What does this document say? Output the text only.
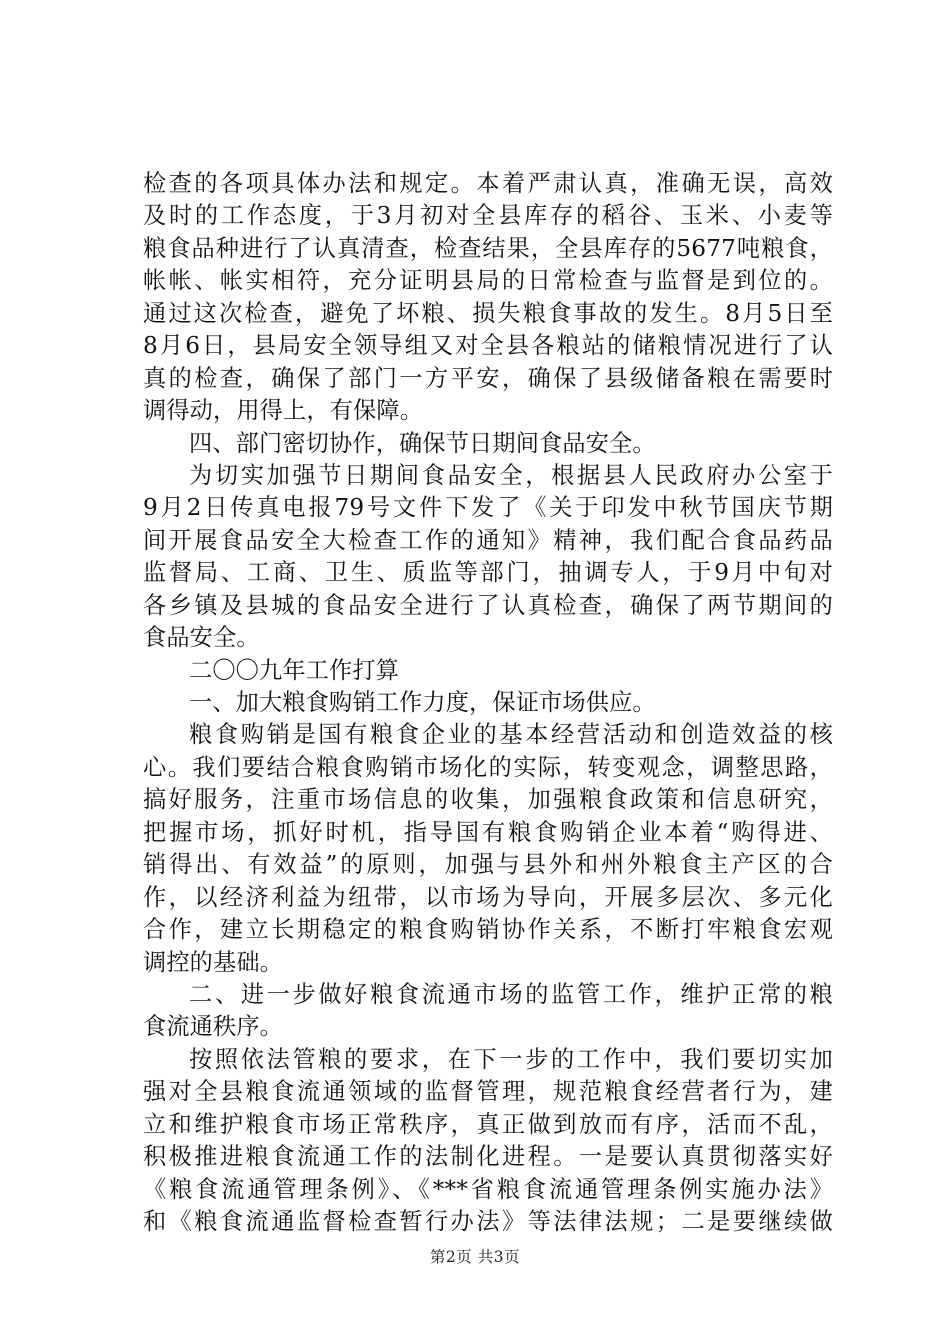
检查的各项具体办法和规定。本着严肃认真，准确无误，高效
及时的工作态度，于3月初对全县库存的稻谷、玉米、小麦等
粮食品种进行了认真清查，检查结果，全县库存的5677吨粮食，
帐帐、帐实相符，充分证明县局的日常检查与监督是到位的。
通过这次检查，避免了坏粮、损失粮食事故的发生。8月5日至
8月6日，县局安全领导组又对全县各粮站的储粮情况进行了认
真的检查，确保了部门一方平安，确保了县级储备粮在需要时
调得动，用得上，有保障。
四、部门密切协作，确保节日期间食品安全。
为切实加强节日期间食品安全，根据县人民政府办公室于
9月2日传真电报79号文件下发了《关于印发中秋节国庆节期
间开展食品安全大检查工作的通知》精神，我们配合食品药品
监督局、工商、卫生、质监等部门，抽调专人，于9月中旬对
各乡镇及县城的食品安全进行了认真检查，确保了两节期间的
食品安全。
二〇〇九年工作打算
一、加大粮食购销工作力度，保证市场供应。
粮食购销是国有粮食企业的基本经营活动和创造效益的核
心。我们要结合粮食购销市场化的实际，转变观念，调整思路，
搞好服务，注重市场信息的收集，加强粮食政策和信息研究，
把握市场，抓好时机，指导国有粮食购销企业本着“购得进、
销得出、有效益”的原则，加强与县外和州外粮食主产区的合
作，以经济利益为纽带，以市场为导向，开展多层次、多元化
合作，建立长期稳定的粮食购销协作关系，不断打牢粮食宏观
调控的基础。
二、进一步做好粮食流通市场的监管工作，维护正常的粮
食流通秩序。
按照依法管粮的要求，在下一步的工作中，我们要切实加
强对全县粮食流通领域的监督管理，规范粮食经营者行为，建
立和维护粮食市场正常秩序，真正做到放而有序，活而不乱，
积极推进粮食流通工作的法制化进程。一是要认真贯彻落实好
《粮食流通管理条例》、《***省粮食流通管理条例实施办法》
和《粮食流通监督检查暂行办法》等法律法规；二是要继续做
第2页 共3页
